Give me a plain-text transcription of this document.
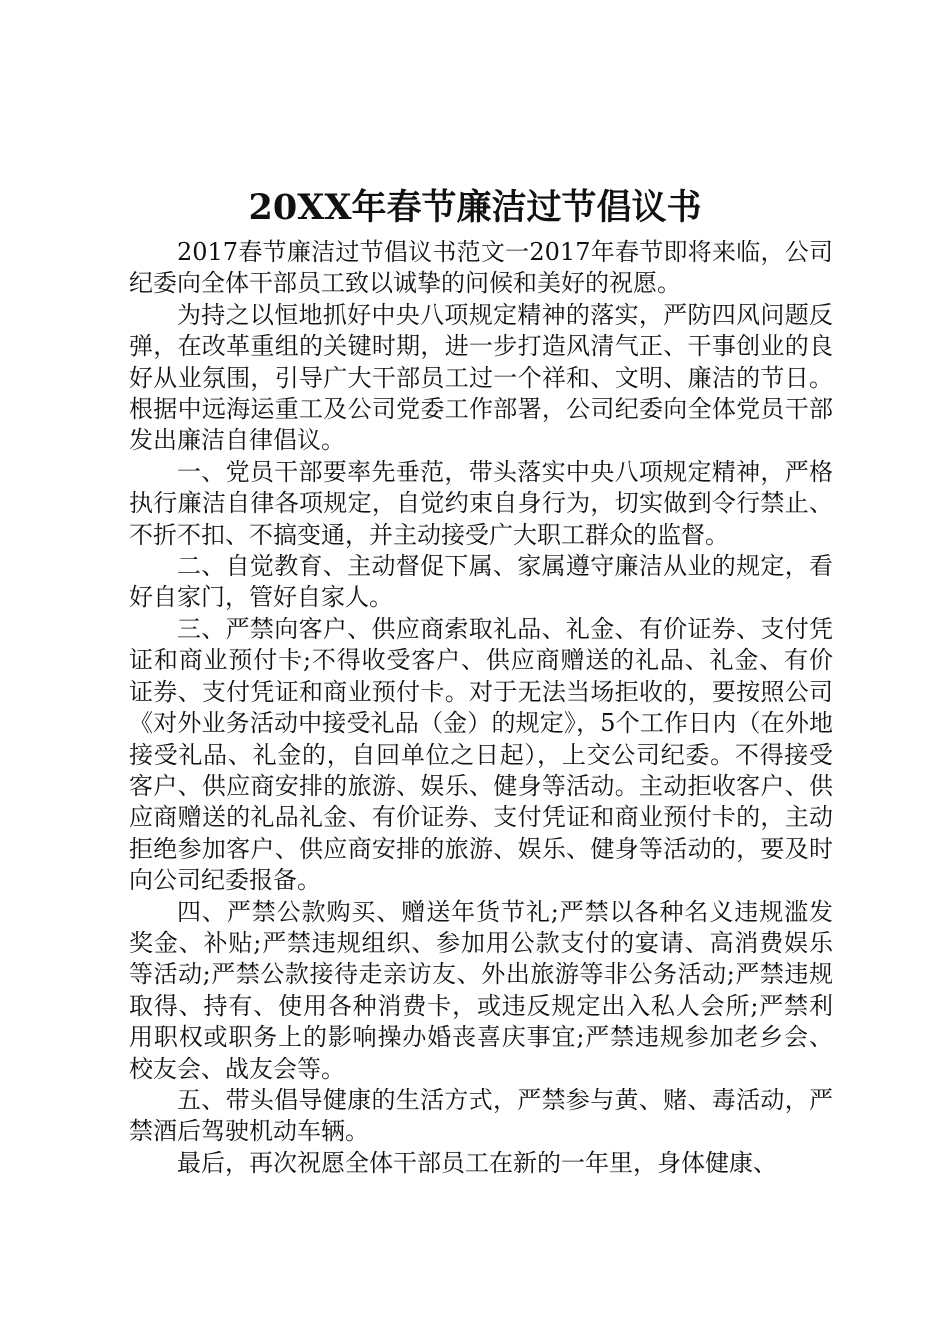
20XX年春节廉洁过节倡议书

2017春节廉洁过节倡议书范文一2017年春节即将来临，公司纪委向全体干部员工致以诚挚的问候和美好的祝愿。

为持之以恒地抓好中央八项规定精神的落实，严防四风问题反弹，在改革重组的关键时期，进一步打造风清气正、干事创业的良好从业氛围，引导广大干部员工过一个祥和、文明、廉洁的节日。根据中远海运重工及公司党委工作部署，公司纪委向全体党员干部发出廉洁自律倡议。

一、党员干部要率先垂范，带头落实中央八项规定精神，严格执行廉洁自律各项规定，自觉约束自身行为，切实做到令行禁止、不折不扣、不搞变通，并主动接受广大职工群众的监督。

二、自觉教育、主动督促下属、家属遵守廉洁从业的规定，看好自家门，管好自家人。

三、严禁向客户、供应商索取礼品、礼金、有价证券、支付凭证和商业预付卡;不得收受客户、供应商赠送的礼品、礼金、有价证券、支付凭证和商业预付卡。对于无法当场拒收的，要按照公司《对外业务活动中接受礼品（金）的规定》，5个工作日内（在外地接受礼品、礼金的，自回单位之日起），上交公司纪委。不得接受客户、供应商安排的旅游、娱乐、健身等活动。主动拒收客户、供应商赠送的礼品礼金、有价证券、支付凭证和商业预付卡的，主动拒绝参加客户、供应商安排的旅游、娱乐、健身等活动的，要及时向公司纪委报备。

四、严禁公款购买、赠送年货节礼;严禁以各种名义违规滥发奖金、补贴;严禁违规组织、参加用公款支付的宴请、高消费娱乐等活动;严禁公款接待走亲访友、外出旅游等非公务活动;严禁违规取得、持有、使用各种消费卡，或违反规定出入私人会所;严禁利用职权或职务上的影响操办婚丧喜庆事宜;严禁违规参加老乡会、校友会、战友会等。

五、带头倡导健康的生活方式，严禁参与黄、赌、毒活动，严禁酒后驾驶机动车辆。

最后，再次祝愿全体干部员工在新的一年里，身体健康、
